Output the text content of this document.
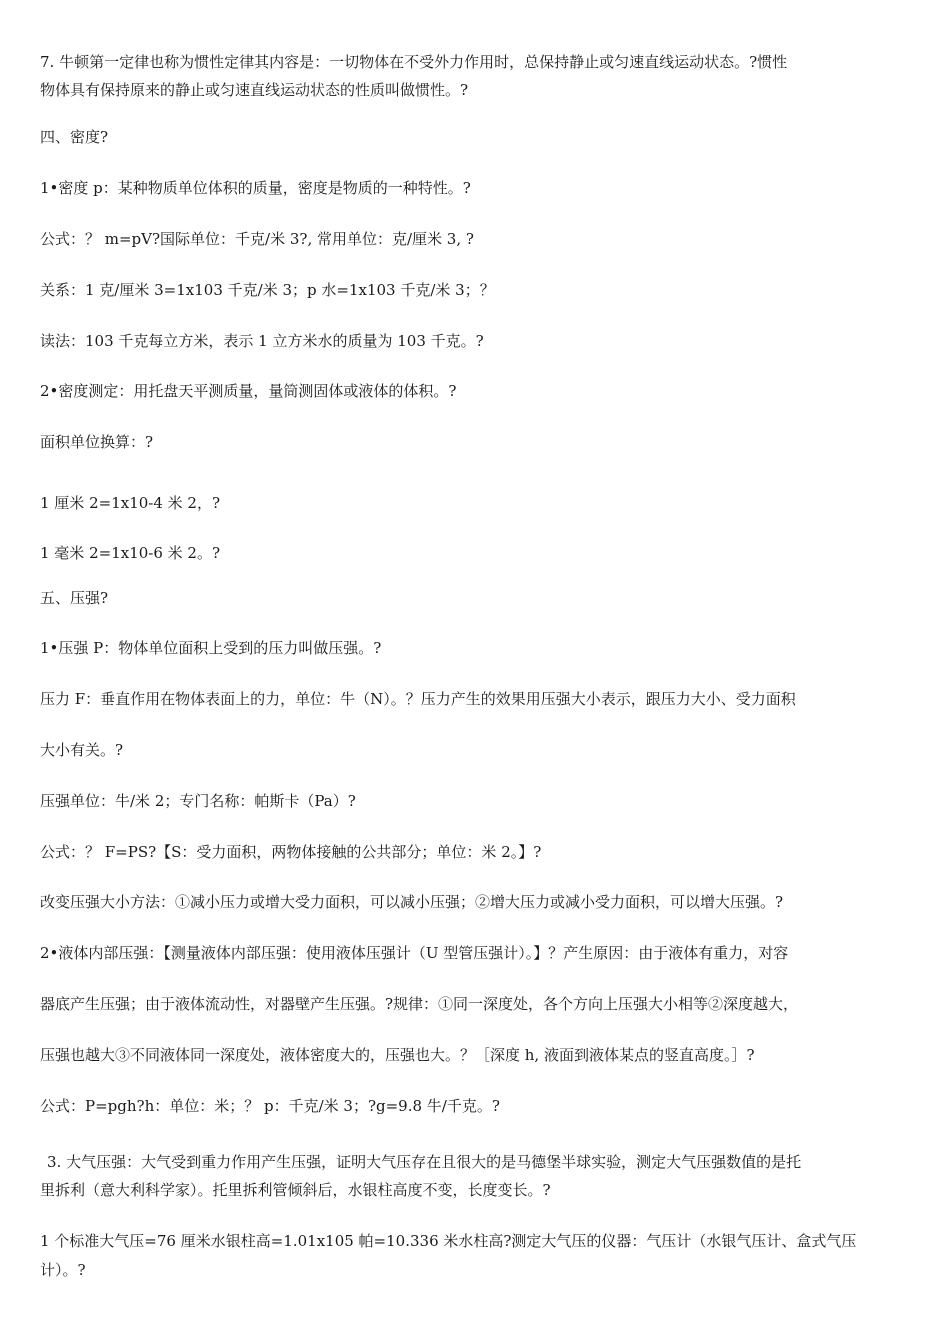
7. 牛顿第一定律也称为惯性定律其内容是：一切物体在不受外力作用时，总保持静止或匀速直线运动状态。?惯性
物体具有保持原来的静止或匀速直线运动状态的性质叫做惯性。?
四、密度?
1•密度 p：某种物质单位体积的质量，密度是物质的一种特性。?
公式：？ m=pV?国际单位：千克/米 3?, 常用单位：克/厘米 3, ?
关系：1 克/厘米 3=1x103 千克/米 3；p 水=1x103 千克/米 3；？
读法：103 千克每立方米，表示 1 立方米水的质量为 103 千克。?
2•密度测定：用托盘天平测质量，量筒测固体或液体的体积。?
面积单位换算：?
1 厘米 2=1x10-4 米 2，?
1 毫米 2=1x10-6 米 2。?
五、压强?
1•压强 P：物体单位面积上受到的压力叫做压强。?
压力 F：垂直作用在物体表面上的力，单位：牛（N）。？压力产生的效果用压强大小表示，跟压力大小、受力面积
大小有关。?
压强单位：牛/米 2；专门名称：帕斯卡（Pa）?
公式：？ F=PS?【S：受力面积，两物体接触的公共部分；单位：米 2。】?
改变压强大小方法：①减小压力或增大受力面积，可以减小压强；②增大压力或减小受力面积，可以增大压强。?
2•液体内部压强：【测量液体内部压强：使用液体压强计（U 型管压强计）。】？产生原因：由于液体有重力，对容
器底产生压强；由于液体流动性，对器壁产生压强。?规律：①同一深度处，各个方向上压强大小相等②深度越大，
压强也越大③不同液体同一深度处，液体密度大的，压强也大。？［深度 h, 液面到液体某点的竖直高度。］?
公式：P=pgh?h：单位：米；？ p：千克/米 3；?g=9.8 牛/千克。?
3. 大气压强：大气受到重力作用产生压强，证明大气压存在且很大的是马德堡半球实验，测定大气压强数值的是托
里拆利（意大利科学家）。托里拆利管倾斜后，水银柱高度不变，长度变长。?
1 个标准大气压=76 厘米水银柱高=1.01x105 帕=10.336 米水柱高?测定大气压的仪器：气压计（水银气压计、盒式气压
计）。?
